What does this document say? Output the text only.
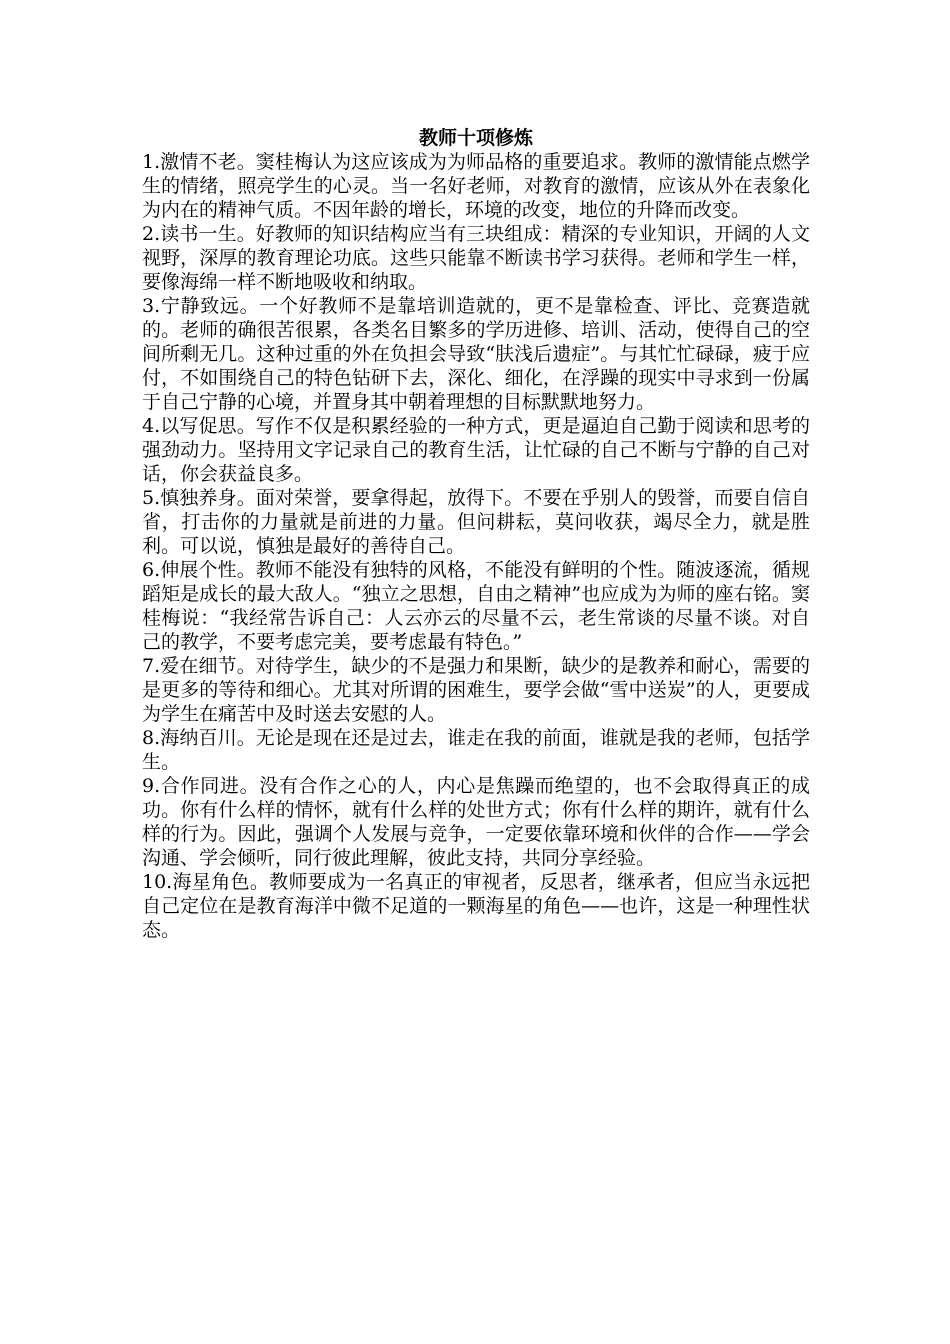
教师十项修炼

1.激情不老。窦桂梅认为这应该成为为师品格的重要追求。教师的激情能点燃学生的情绪，照亮学生的心灵。当一名好老师，对教育的激情，应该从外在表象化为内在的精神气质。不因年龄的增长，环境的改变，地位的升降而改变。

2.读书一生。好教师的知识结构应当有三块组成：精深的专业知识，开阔的人文视野，深厚的教育理论功底。这些只能靠不断读书学习获得。老师和学生一样，要像海绵一样不断地吸收和纳取。

3.宁静致远。一个好教师不是靠培训造就的，更不是靠检查、评比、竞赛造就的。老师的确很苦很累，各类名目繁多的学历进修、培训、活动，使得自己的空间所剩无几。这种过重的外在负担会导致“肤浅后遗症”。与其忙忙碌碌，疲于应付，不如围绕自己的特色钻研下去，深化、细化，在浮躁的现实中寻求到一份属于自己宁静的心境，并置身其中朝着理想的目标默默地努力。

4.以写促思。写作不仅是积累经验的一种方式，更是逼迫自己勤于阅读和思考的强劲动力。坚持用文字记录自己的教育生活，让忙碌的自己不断与宁静的自己对话，你会获益良多。

5.慎独养身。面对荣誉，要拿得起，放得下。不要在乎别人的毁誉，而要自信自省，打击你的力量就是前进的力量。但问耕耘，莫问收获，竭尽全力，就是胜利。可以说，慎独是最好的善待自己。

6.伸展个性。教师不能没有独特的风格，不能没有鲜明的个性。随波逐流，循规蹈矩是成长的最大敌人。“独立之思想，自由之精神”也应成为为师的座右铭。窦桂梅说：“我经常告诉自己：人云亦云的尽量不云，老生常谈的尽量不谈。对自己的教学，不要考虑完美，要考虑最有特色。”

7.爱在细节。对待学生，缺少的不是强力和果断，缺少的是教养和耐心，需要的是更多的等待和细心。尤其对所谓的困难生，要学会做“雪中送炭”的人，更要成为学生在痛苦中及时送去安慰的人。

8.海纳百川。无论是现在还是过去，谁走在我的前面，谁就是我的老师，包括学生。

9.合作同进。没有合作之心的人，内心是焦躁而绝望的，也不会取得真正的成功。你有什么样的情怀，就有什么样的处世方式；你有什么样的期许，就有什么样的行为。因此，强调个人发展与竞争，一定要依靠环境和伙伴的合作——学会沟通、学会倾听，同行彼此理解，彼此支持，共同分享经验。

10.海星角色。教师要成为一名真正的审视者，反思者，继承者，但应当永远把自己定位在是教育海洋中微不足道的一颗海星的角色——也许，这是一种理性状态。
